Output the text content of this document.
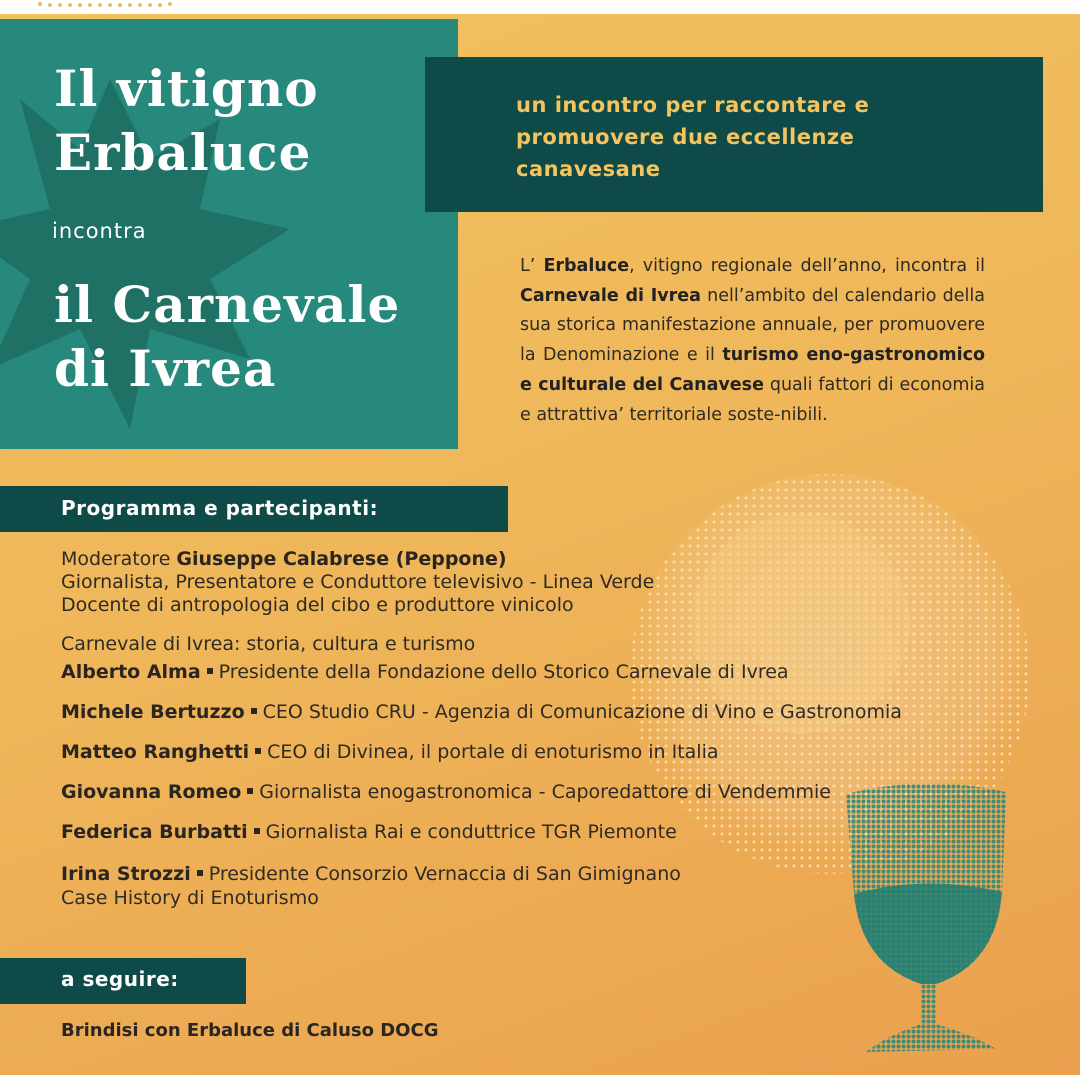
Il vitigno
Erbaluce
incontra
il Carnevale
di Ivrea
un incontro per raccontare e
promuovere due eccellenze
canavesane
L’ Erbaluce, vitigno regionale dell’anno, incontra il Carnevale di Ivrea nell’ambito del calendario della sua storica manifestazione annuale, per promuovere la Denominazione e il turismo eno-gastronomico e culturale del Canavese quali fattori di economia e attrattiva’ territoriale soste-nibili.
Programma e partecipanti:
Moderatore Giuseppe Calabrese (Peppone)
Giornalista, Presentatore e Conduttore televisivo - Linea Verde
Docente di antropologia del cibo e produttore vinicolo
Carnevale di Ivrea: storia, cultura e turismo
Alberto Alma Presidente della Fondazione dello Storico Carnevale di Ivrea
Michele Bertuzzo CEO Studio CRU - Agenzia di Comunicazione di Vino e Gastronomia
Matteo Ranghetti CEO di Divinea, il portale di enoturismo in Italia
Giovanna Romeo Giornalista enogastronomica - Caporedattore di Vendemmie
Federica Burbatti Giornalista Rai e conduttrice TGR Piemonte
Irina Strozzi Presidente Consorzio Vernaccia di San Gimignano
Case History di Enoturismo
a seguire:
Brindisi con Erbaluce di Caluso DOCG
